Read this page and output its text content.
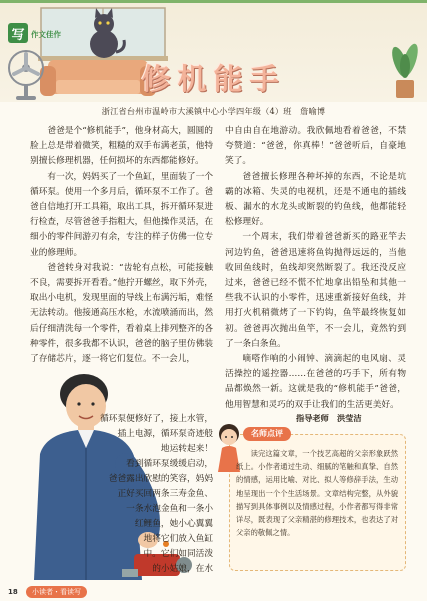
写 作文佳作
修机能手
浙江省台州市温岭市大溪镇中心小学四年级（4）班　詹喻博

爸爸是个“修机能手”，他身材高大，圆圆的脸上总是带着微笑，粗糙的双手布满老茧，他特别擅长修理机器，任何损坏的东西都能修好。

有一次，妈妈买了一个鱼缸，里面装了一个循环泵。使用一个多月后，循环泵不工作了。爸爸自信地打开工具箱，取出工具，拆开循环泵进行检查，尽管爸爸手指粗大，但他操作灵活，在细小的零件间游刃有余，专注的样子仿佛一位专业的修理师。

爸爸转身对我说：“齿轮有点松，可能接触不良，需要拆开看看。”他拧开螺丝，取下外壳，取出小电机，发现里面的导线上布满污垢，难怪无法转动。他接通高压水枪，水流喷涌而出，然后仔细清洗每一个零件，看着桌上排列整齐的各种零件，很多我都不认识，爸爸的脑子里仿佛装了存储芯片，逐一将它们复位。不一会儿，

循环泵便修好了，接上水管，
插上电源，循环泵奇迹般
地运转起来！
看到循环泵缓缓启动，
爸爸露出欣慰的笑容，妈妈
正好买回两条三寿金鱼、
一条水泡金鱼和一条小
红鲤鱼，她小心翼翼
地将它们放入鱼缸
中。它们如同活泼
的小姑娘，在水

中自由自在地游动。我欣佩地看着爸爸，不禁夸赞道：“爸爸，你真棒！”爸爸听后，自豪地笑了。

爸爸擅长修理各种坏掉的东西，不论是坑霸的冰箱、失灵的电视机，还是不通电的插线板、漏水的水龙头或断裂的钓鱼线，他都能轻松修理好。

一个周末，我们带着爸爸新买的路亚竿去河边钓鱼，爸爸迅速将鱼钩抛得远远的，当他收回鱼线时，鱼线却突然断裂了。我还没反应过来，爸爸已经不慌不忙地拿出铅坠和其他一些我不认识的小零件，迅速重新接好鱼线，并用打火机稍微烤了一下钓钩，鱼竿最终恢复如初。爸爸再次抛出鱼竿，不一会儿，竟然钓到了一条白条鱼。

嘀嗒作响的小闹钟、滴滴起的电风扇、灵活操控的遥控器……在爸爸的巧手下，所有物品都焕然一新。这就是我的“修机能手”爸爸，他用智慧和灵巧的双手让我们的生活更美好。

指导老师　洪莹洁
名师点评
读完这篇文章，一个技艺高超的父亲形象跃然纸上。小作者通过生动、细腻的笔触和真挚、自然的情感，运用比喻、对比、拟人等修辞手法，生动地呈现出一个个生活场景。文章结构完整，从外貌描写到具体事例以及情感过程，小作者都写得非常详尽，既表现了父亲精湛的修理技术，也表达了对父亲的敬佩之情。
18	小读者・看读写
